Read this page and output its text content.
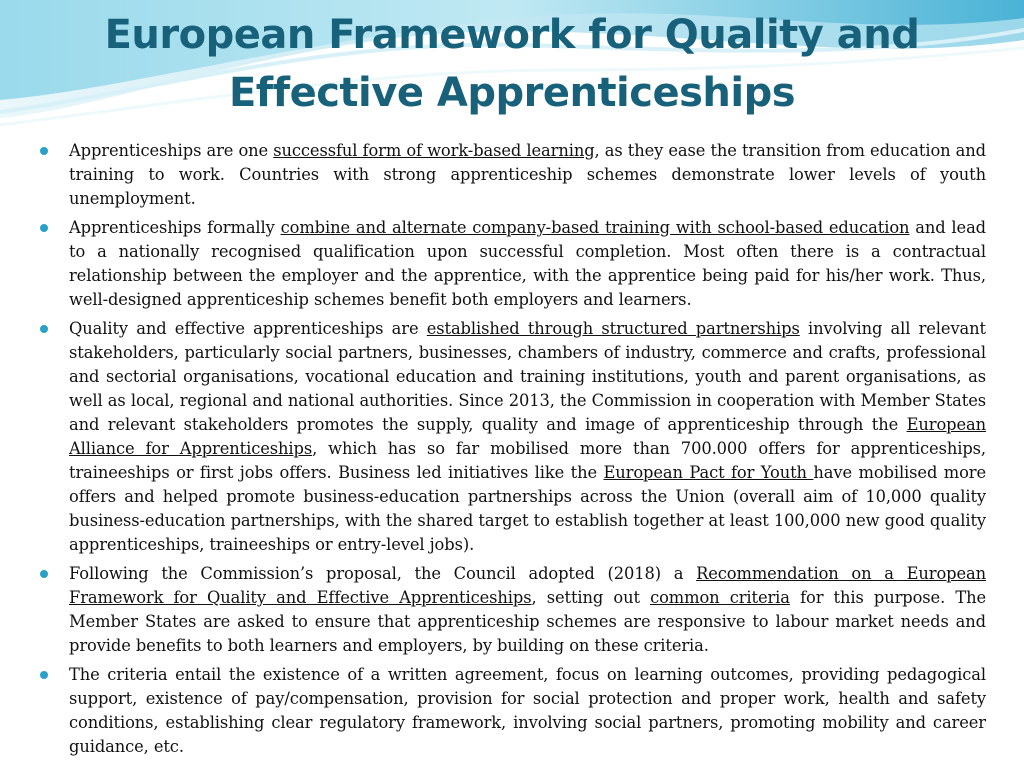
European Framework for Quality and
Effective Apprenticeships
Apprenticeships are one successful form of work-based learning, as they ease the transition from education and training to work. Countries with strong apprenticeship schemes demonstrate lower levels of youth unemployment.
Apprenticeships formally combine and alternate company-based training with school-based education and lead to a nationally recognised qualification upon successful completion. Most often there is a contractual relationship between the employer and the apprentice, with the apprentice being paid for his/her work. Thus, well-designed apprenticeship schemes benefit both employers and learners.
Quality and effective apprenticeships are established through structured partnerships involving all relevant stakeholders, particularly social partners, businesses, chambers of industry, commerce and crafts, professional and sectorial organisations, vocational education and training institutions, youth and parent organisations, as well as local, regional and national authorities. Since 2013, the Commission in cooperation with Member States and relevant stakeholders promotes the supply, quality and image of apprenticeship through the European Alliance for Apprenticeships, which has so far mobilised more than 700.000 offers for apprenticeships, traineeships or first jobs offers. Business led initiatives like the European Pact for Youth have mobilised more offers and helped promote business-education partnerships across the Union (overall aim of 10,000 quality business-education partnerships, with the shared target to establish together at least 100,000 new good quality apprenticeships, traineeships or entry-level jobs).
Following the Commission’s proposal, the Council adopted (2018) a Recommendation on a European Framework for Quality and Effective Apprenticeships, setting out common criteria for this purpose. The Member States are asked to ensure that apprenticeship schemes are responsive to labour market needs and provide benefits to both learners and employers, by building on these criteria.
The criteria entail the existence of a written agreement, focus on learning outcomes, providing pedagogical support, existence of pay/compensation, provision for social protection and proper work, health and safety conditions, establishing clear regulatory framework, involving social partners, promoting mobility and career guidance, etc.
